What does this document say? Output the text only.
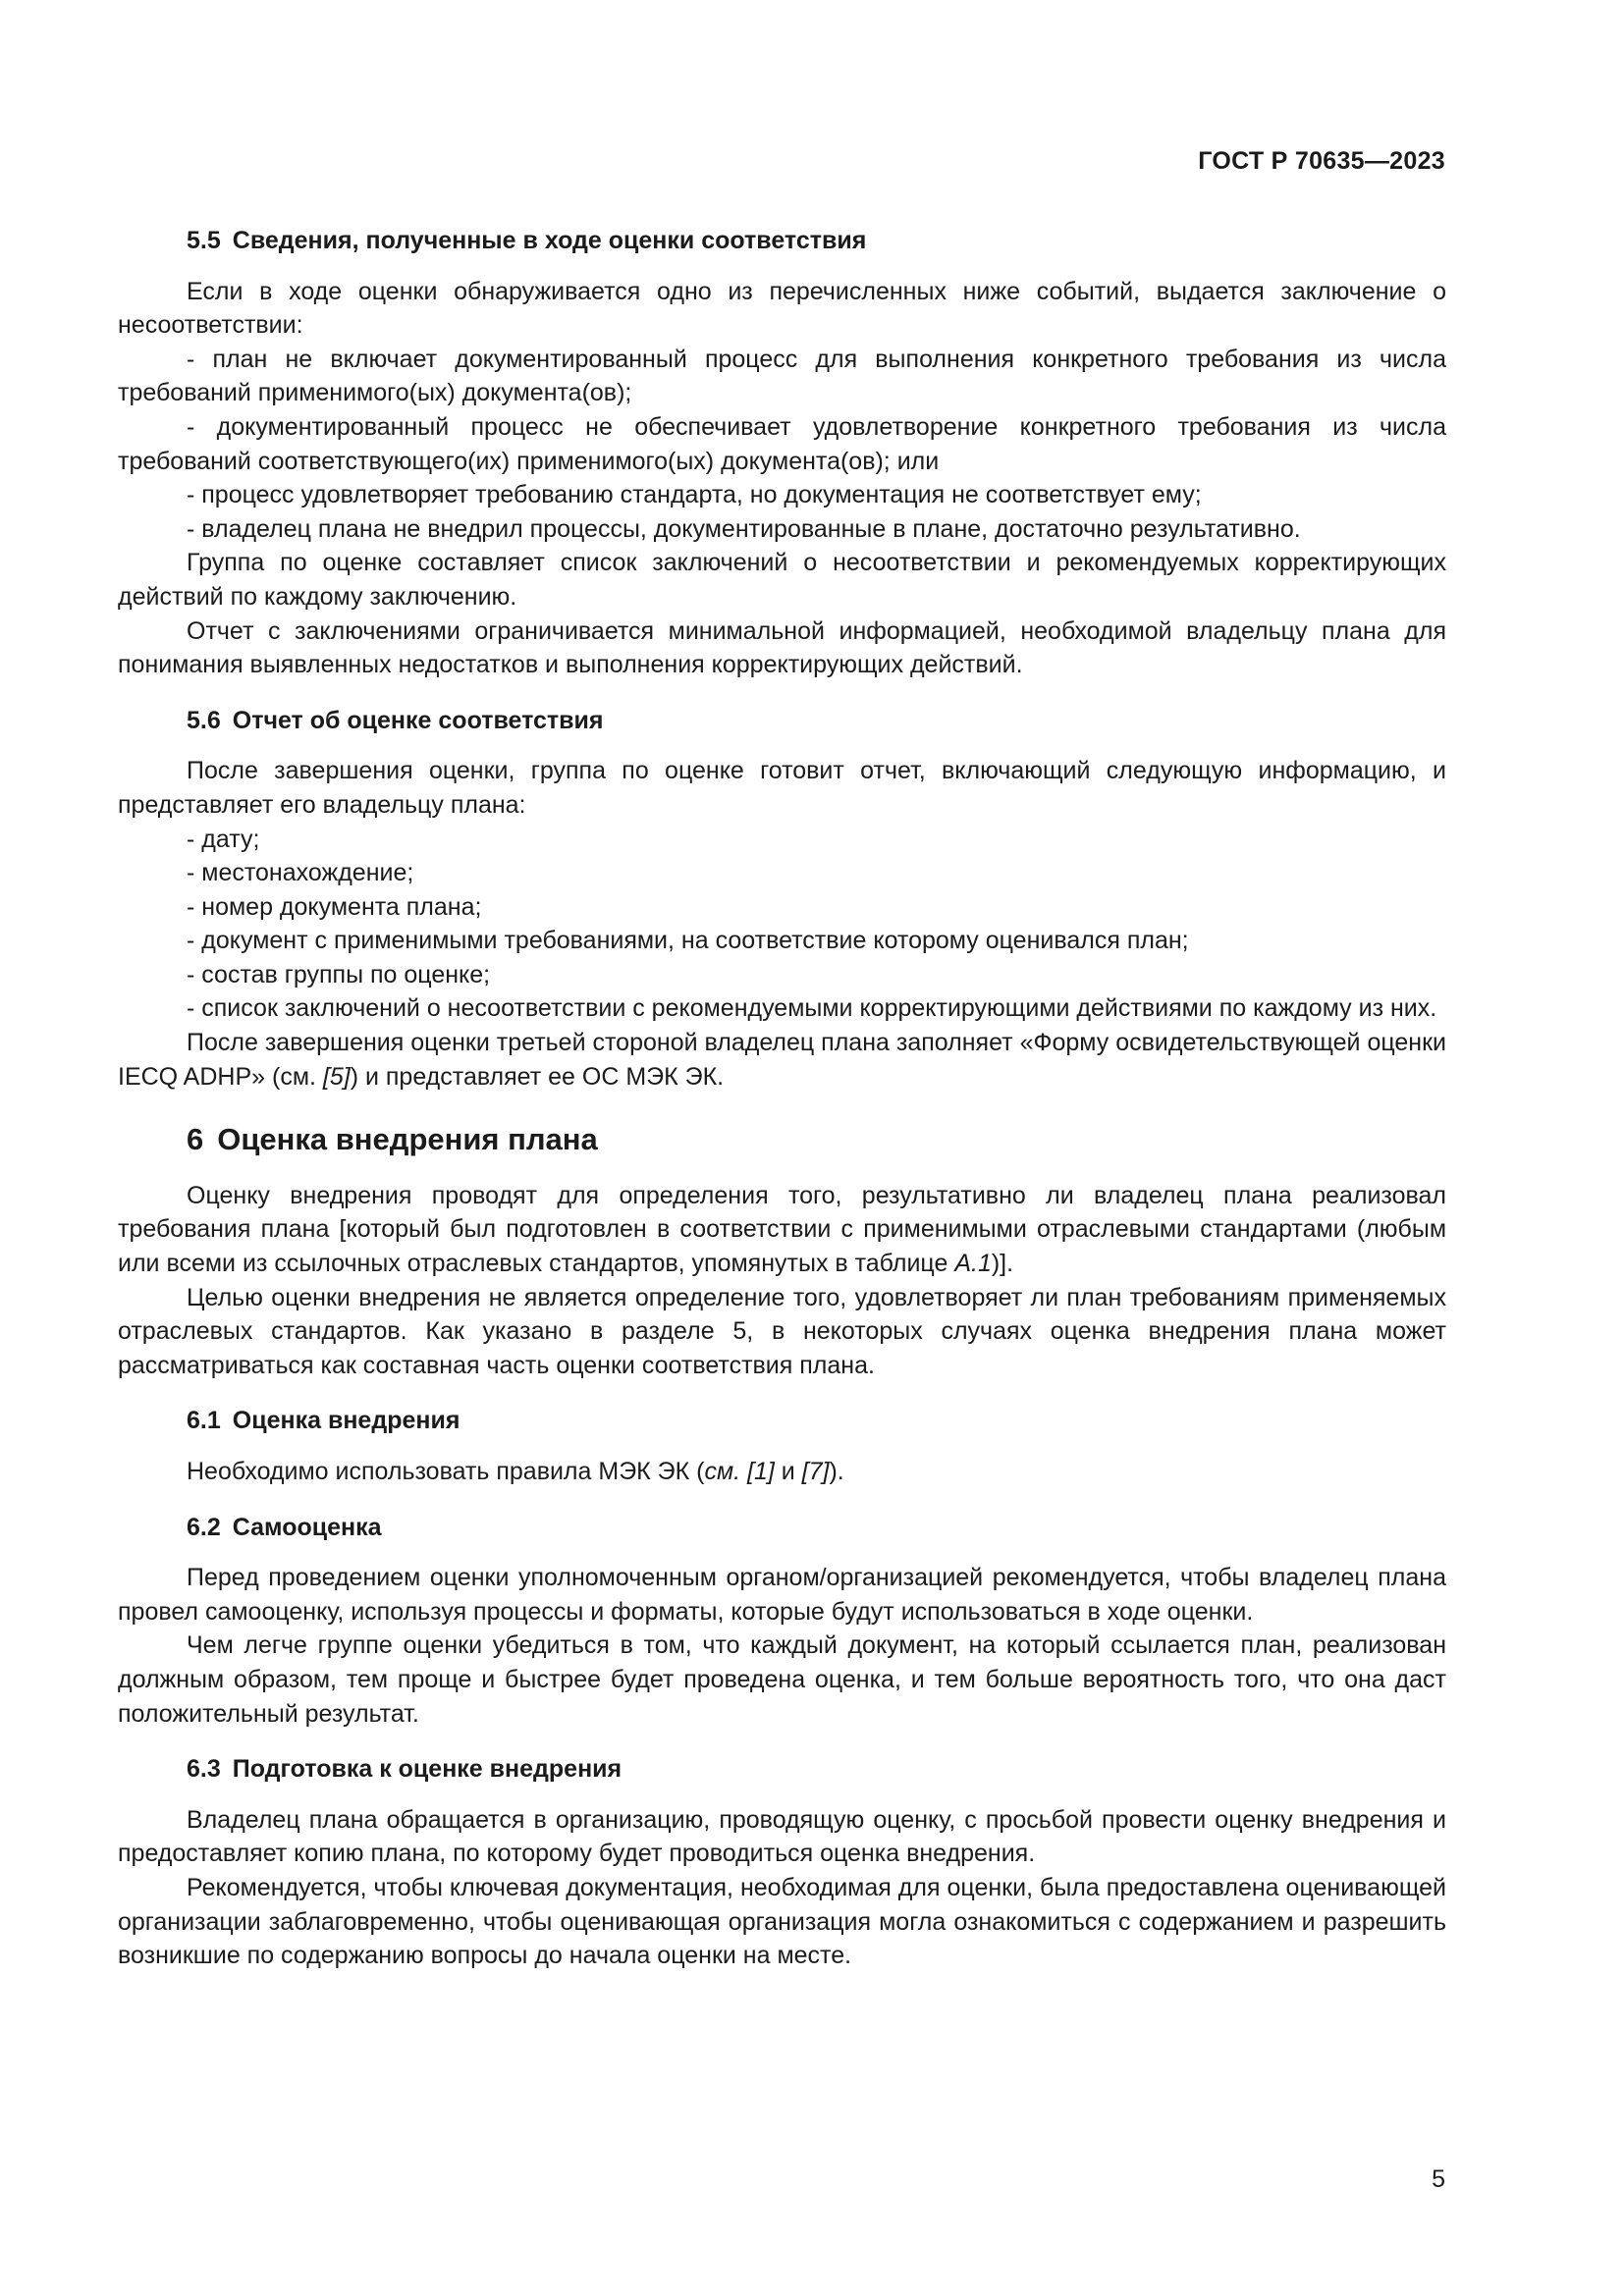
ГОСТ Р 70635—2023
5.5 Сведения, полученные в ходе оценки соответствия

Если в ходе оценки обнаруживается одно из перечисленных ниже событий, выдается заключение о несоответствии:

- план не включает документированный процесс для выполнения конкретного требования из числа требований применимого(ых) документа(ов);

- документированный процесс не обеспечивает удовлетворение конкретного требования из числа требований соответствующего(их) применимого(ых) документа(ов); или

- процесс удовлетворяет требованию стандарта, но документация не соответствует ему;

- владелец плана не внедрил процессы, документированные в плане, достаточно результативно.

Группа по оценке составляет список заключений о несоответствии и рекомендуемых корректирующих действий по каждому заключению.

Отчет с заключениями ограничивается минимальной информацией, необходимой владельцу плана для понимания выявленных недостатков и выполнения корректирующих действий.

5.6 Отчет об оценке соответствия

После завершения оценки, группа по оценке готовит отчет, включающий следующую информацию, и представляет его владельцу плана:

- дату;

- местонахождение;

- номер документа плана;

- документ с применимыми требованиями, на соответствие которому оценивался план;

- состав группы по оценке;

- список заключений о несоответствии с рекомендуемыми корректирующими действиями по каждому из них.

После завершения оценки третьей стороной владелец плана заполняет «Форму освидетельствующей оценки IECQ ADHP» (см. [5]) и представляет ее ОС МЭК ЭК.

6 Оценка внедрения плана

Оценку внедрения проводят для определения того, результативно ли владелец плана реализовал требования плана [который был подготовлен в соответствии с применимыми отраслевыми стандартами (любым или всеми из ссылочных отраслевых стандартов, упомянутых в таблице А.1)].

Целью оценки внедрения не является определение того, удовлетворяет ли план требованиям применяемых отраслевых стандартов. Как указано в разделе 5, в некоторых случаях оценка внедрения плана может рассматриваться как составная часть оценки соответствия плана.

6.1 Оценка внедрения

Необходимо использовать правила МЭК ЭК (см. [1] и [7]).

6.2 Самооценка

Перед проведением оценки уполномоченным органом/организацией рекомендуется, чтобы владелец плана провел самооценку, используя процессы и форматы, которые будут использоваться в ходе оценки.

Чем легче группе оценки убедиться в том, что каждый документ, на который ссылается план, реализован должным образом, тем проще и быстрее будет проведена оценка, и тем больше вероятность того, что она даст положительный результат.

6.3 Подготовка к оценке внедрения

Владелец плана обращается в организацию, проводящую оценку, с просьбой провести оценку внедрения и предоставляет копию плана, по которому будет проводиться оценка внедрения.

Рекомендуется, чтобы ключевая документация, необходимая для оценки, была предоставлена оценивающей организации заблаговременно, чтобы оценивающая организация могла ознакомиться с содержанием и разрешить возникшие по содержанию вопросы до начала оценки на месте.

5
